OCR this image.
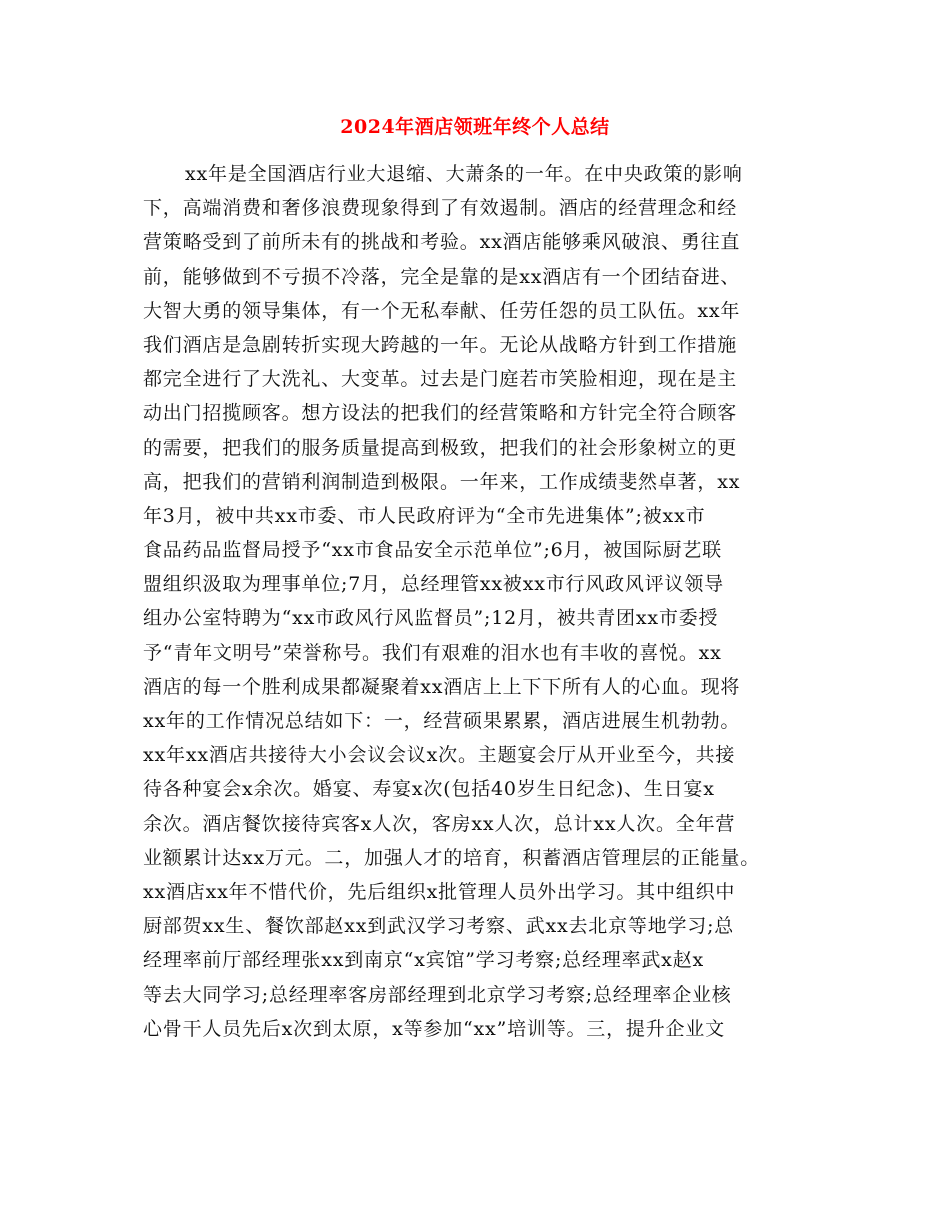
2024年酒店领班年终个人总结
xx年是全国酒店行业大退缩、大萧条的一年。在中央政策的影响
下，高端消费和奢侈浪费现象得到了有效遏制。酒店的经营理念和经
营策略受到了前所未有的挑战和考验。xx酒店能够乘风破浪、勇往直
前，能够做到不亏损不冷落，完全是靠的是xx酒店有一个团结奋进、
大智大勇的领导集体，有一个无私奉献、任劳任怨的员工队伍。xx年
我们酒店是急剧转折实现大跨越的一年。无论从战略方针到工作措施
都完全进行了大洗礼、大变革。过去是门庭若市笑脸相迎，现在是主
动出门招揽顾客。想方设法的把我们的经营策略和方针完全符合顾客
的需要，把我们的服务质量提高到极致，把我们的社会形象树立的更
高，把我们的营销利润制造到极限。一年来，工作成绩斐然卓著，xx
年3月，被中共xx市委、市人民政府评为“全市先进集体”;被xx市
食品药品监督局授予“xx市食品安全示范单位”;6月，被国际厨艺联
盟组织汲取为理事单位;7月，总经理管xx被xx市行风政风评议领导
组办公室特聘为“xx市政风行风监督员”;12月，被共青团xx市委授
予“青年文明号”荣誉称号。我们有艰难的泪水也有丰收的喜悦。xx
酒店的每一个胜利成果都凝聚着xx酒店上上下下所有人的心血。现将
xx年的工作情况总结如下：一，经营硕果累累，酒店进展生机勃勃。
xx年xx酒店共接待大小会议会议x次。主题宴会厅从开业至今，共接
待各种宴会x余次。婚宴、寿宴x次(包括40岁生日纪念)、生日宴x
余次。酒店餐饮接待宾客x人次，客房xx人次，总计xx人次。全年营
业额累计达xx万元。二，加强人才的培育，积蓄酒店管理层的正能量。
xx酒店xx年不惜代价，先后组织x批管理人员外出学习。其中组织中
厨部贺xx生、餐饮部赵xx到武汉学习考察、武xx去北京等地学习;总
经理率前厅部经理张xx到南京“x宾馆”学习考察;总经理率武x赵x
等去大同学习;总经理率客房部经理到北京学习考察;总经理率企业核
心骨干人员先后x次到太原，x等参加“xx”培训等。三，提升企业文
